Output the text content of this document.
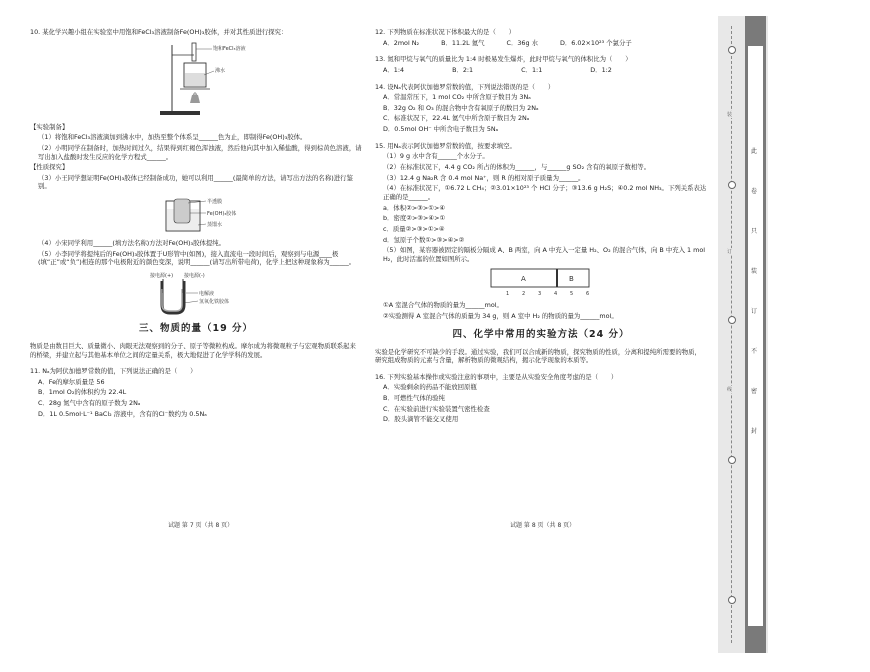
10. 某化学兴趣小组在实验室中用饱和FeCl₃溶液制备Fe(OH)₃胶体，并对其性质进行探究：
饱和FeCl₃溶液
沸水
【实验制备】
（1）将饱和FeCl₃溶液滴加到沸水中，加热至整个体系呈______色为止，即制得Fe(OH)₃胶体。
（2）小明同学在制备时，加热时间过久，结果得到红褐色浑浊液，然后他向其中加入稀盐酸，得到棕黄色溶液，请写出加入盐酸时发生反应的化学方程式______。
【性质探究】
（3）小王同学想证明Fe(OH)₃胶体已经制备成功，她可以利用______(最简单的方法，请写出方法的名称)进行鉴别。
半透膜
Fe(OH)₃胶体
蒸馏水
（4）小宋同学利用______(填方法名称)方法对Fe(OH)₃胶体提纯。
（5）小李同学将提纯后的Fe(OH)₃胶体置于U形管中(如图)，接入直流电一段时间后，观察到与电源____极(填“正”或“负”)相连的那个电极附近的颜色变深，说明______(请写出所带电荷)，化学上把这种现象称为______。
接电源(+) 接电源(-)
电解液
氢氧化铁胶体
三、物质的量（19 分）
物质是由数目巨大、质量微小、肉眼无法观察到的分子、原子等微粒构成。摩尔成为将微观粒子与宏观物质联系起来的桥梁，并建立起与其他基本单位之间的定量关系，极大地促进了化学学科的发展。
11. Nₐ为阿伏加德罗常数的值，下列说法正确的是（　　）
A．Fe的摩尔质量是 56
B．1mol O₂的体积约为 22.4L
C．28g 氮气中含有的原子数为 2Nₐ
D．1L 0.5mol·L⁻¹ BaCl₂ 溶液中，含有的Cl⁻数约为 0.5Nₐ
试题 第 7 页（共 8 页）
12. 下列物质在标准状况下体积最大的是（　　）
A．2mol N₂	B．11.2L 氦气	C．36g 水	D．6.02×10²³ 个氯分子
13. 氮和甲烷与氧气的质量比为 1:4 时极易发生爆炸，此时甲烷与氧气的体积比为（　　）
A．1:4	B．2:1	C．1:1	D．1:2
14. 设Nₐ代表阿伏加德罗常数的值，下列说法错误的是（　　）
A．常温常压下，1 mol CO₂ 中所含原子数目为 3Nₐ
B．32g O₂ 和 O₃ 的混合物中含有氧原子的数目为 2Nₐ
C．标准状况下，22.4L 氦气中所含原子数目为 2Nₐ
D．0.5mol OH⁻ 中所含电子数目为 5Nₐ
15. 用Nₐ表示阿伏加德罗常数的值，按要求填空。
（1）9 g 水中含有______个水分子。
（2）在标准状况下，4.4 g CO₂ 所占的体积为______，与______g SO₂ 含有的氧原子数相等。
（3）12.4 g Na₂R 含 0.4 mol Na⁺，则 R 的相对原子质量为______。
（4）在标准状况下，①6.72 L CH₄；②3.01×10²³ 个 HCl 分子；③13.6 g H₂S；④0.2 mol NH₃。下列关系表达正确的是______。
a．体积②>③>①>④
b．密度②>③>④>①
c．质量②>③>①>④
d．氢原子个数①>③>④>②
（5）如图，某容器被固定的隔板分隔成 A、B 两室，向 A 中充入一定量 H₂、O₂ 的混合气体，向 B 中充入 1 mol H₂，此时活塞的位置如图所示。
A	B
1	2	3	4	5	6
①A 室混合气体的物质的量为______mol。
②实验测得 A 室混合气体的质量为 34 g，则 A 室中 H₂ 的物质的量为______mol。
四、化学中常用的实验方法（24 分）
实验是化学研究不可缺少的手段。通过实验，我们可以合成新的物质，探究物质的性质，分离和提纯所需要的物质，研究组成物质的元素与含量，解析物质的微观结构，揭示化学现象的本质等。
16. 下列实验基本操作或实验注意的事项中，主要是从实验安全角度考虑的是（　　）
A．实验剩余的药品不能放回原瓶
B．可燃性气体的验纯
C．在实验前进行实验装置气密性检查
D．胶头滴管不能交叉使用
试题 第 8 页（共 8 页）
装
订
线
此
卷
只
装
订
不
密
封
